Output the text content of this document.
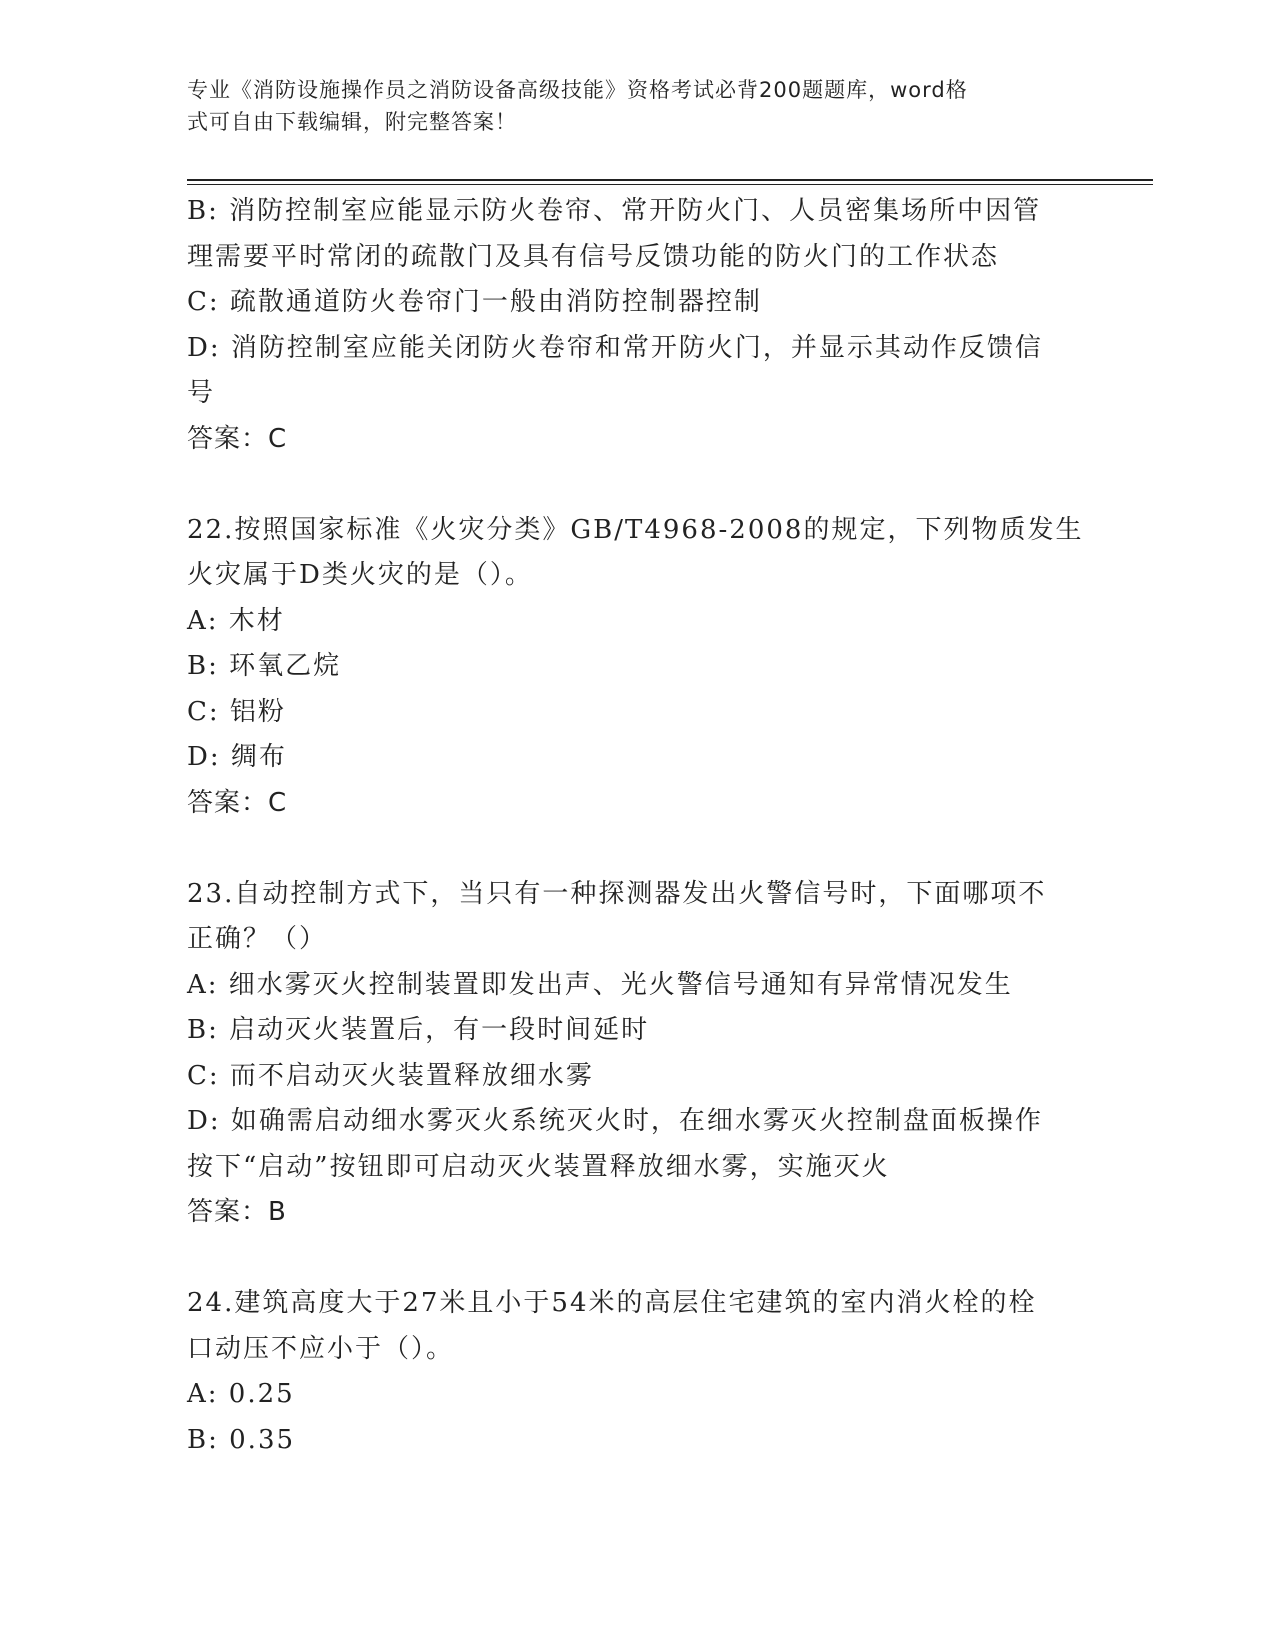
专业《消防设施操作员之消防设备高级技能》资格考试必背200题题库，word格
式可自由下载编辑，附完整答案！
B: 消防控制室应能显示防火卷帘、常开防火门、人员密集场所中因管
理需要平时常闭的疏散门及具有信号反馈功能的防火门的工作状态
C: 疏散通道防火卷帘门一般由消防控制器控制
D: 消防控制室应能关闭防火卷帘和常开防火门，并显示其动作反馈信
号
答案：C
22.按照国家标准《火灾分类》GB/T4968-2008的规定，下列物质发生
火灾属于D类火灾的是（）。
A: 木材
B: 环氧乙烷
C: 铝粉
D: 绸布
答案：C
23.自动控制方式下，当只有一种探测器发出火警信号时，下面哪项不
正确？（）
A: 细水雾灭火控制装置即发出声、光火警信号通知有异常情况发生
B: 启动灭火装置后，有一段时间延时
C: 而不启动灭火装置释放细水雾
D: 如确需启动细水雾灭火系统灭火时，在细水雾灭火控制盘面板操作
按下“启动”按钮即可启动灭火装置释放细水雾，实施灭火
答案：B
24.建筑高度大于27米且小于54米的高层住宅建筑的室内消火栓的栓
口动压不应小于（）。
A: 0.25
B: 0.35
